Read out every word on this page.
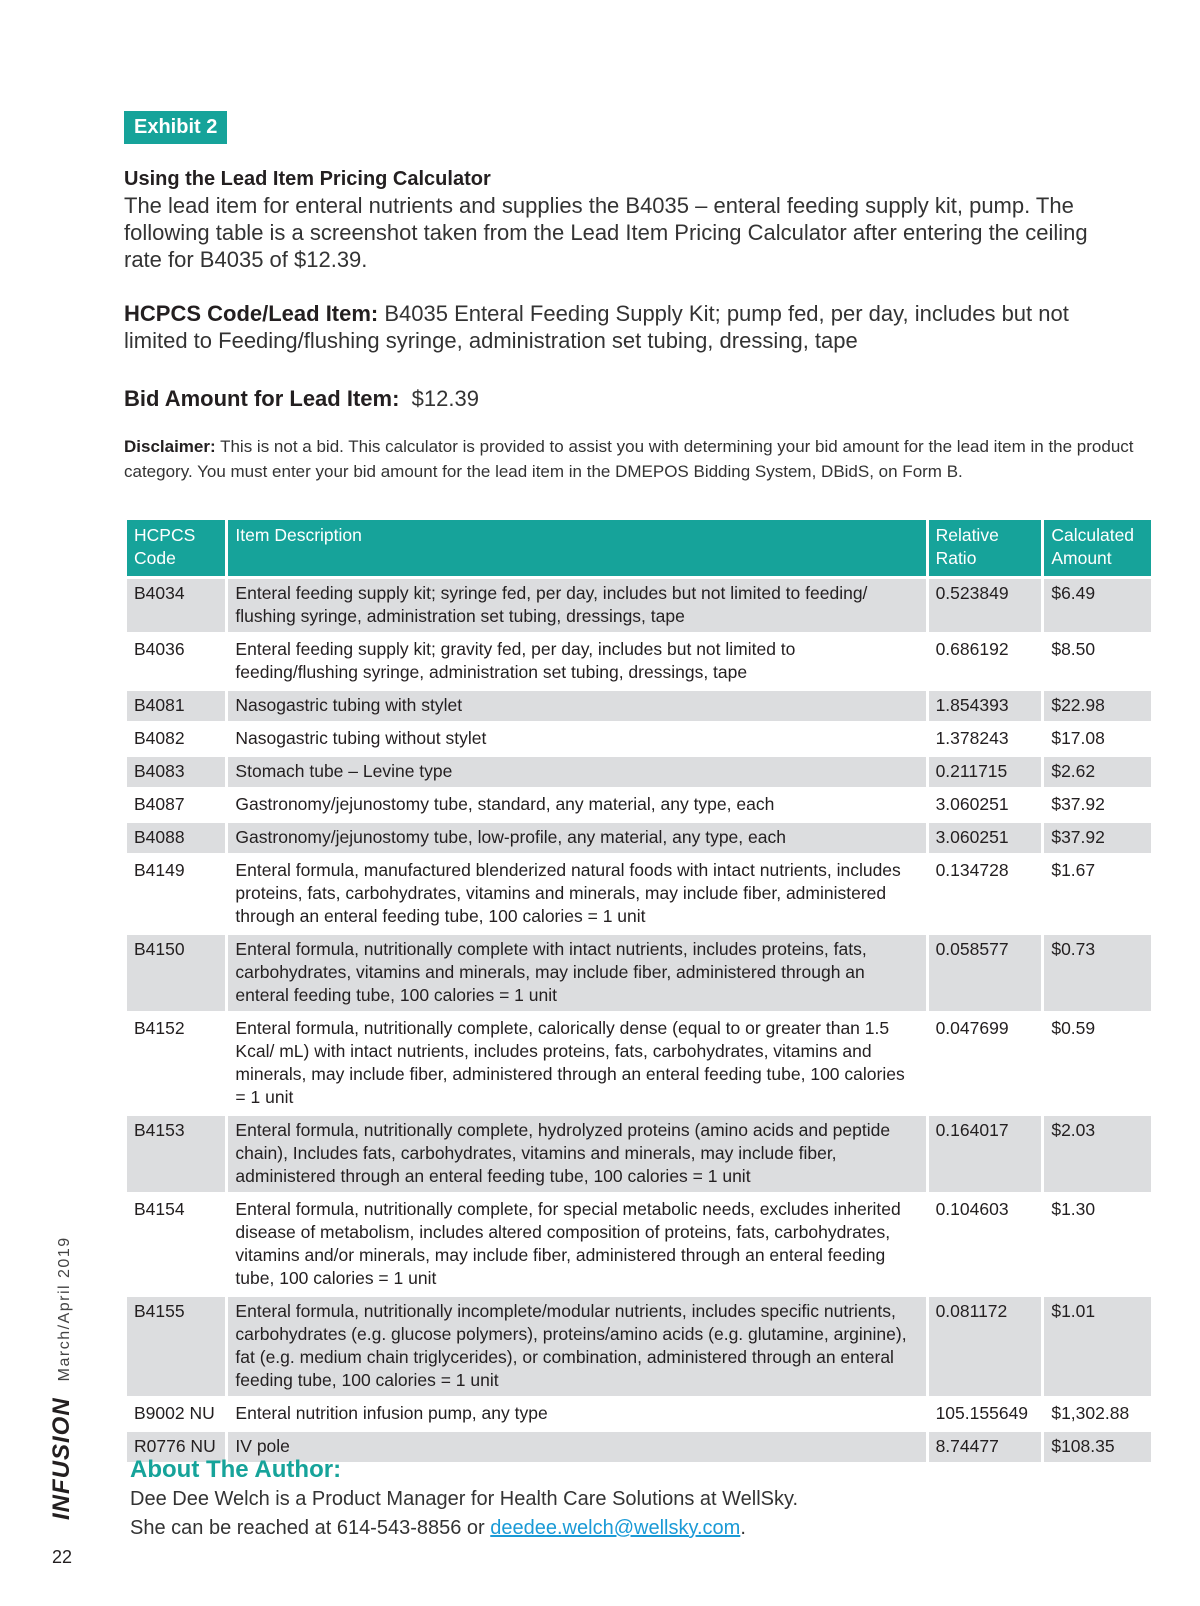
Exhibit 2
Using the Lead Item Pricing Calculator
The lead item for enteral nutrients and supplies the B4035 – enteral feeding supply kit, pump. The following table is a screenshot taken from the Lead Item Pricing Calculator after entering the ceiling rate for B4035 of $12.39.
HCPCS Code/Lead Item: B4035 Enteral Feeding Supply Kit; pump fed, per day, includes but not limited to Feeding/flushing syringe, administration set tubing, dressing, tape
Bid Amount for Lead Item: $12.39
Disclaimer: This is not a bid. This calculator is provided to assist you with determining your bid amount for the lead item in the product category. You must enter your bid amount for the lead item in the DMEPOS Bidding System, DBidS, on Form B.
HCPCS Code	Item Description	Relative Ratio	Calculated Amount
B4034	Enteral feeding supply kit; syringe fed, per day, includes but not limited to feeding/ flushing syringe, administration set tubing, dressings, tape	0.523849	$6.49
B4036	Enteral feeding supply kit; gravity fed, per day, includes but not limited to feeding/flushing syringe, administration set tubing, dressings, tape	0.686192	$8.50
B4081	Nasogastric tubing with stylet	1.854393	$22.98
B4082	Nasogastric tubing without stylet	1.378243	$17.08
B4083	Stomach tube – Levine type	0.211715	$2.62
B4087	Gastronomy/jejunostomy tube, standard, any material, any type, each	3.060251	$37.92
B4088	Gastronomy/jejunostomy tube, low-profile, any material, any type, each	3.060251	$37.92
B4149	Enteral formula, manufactured blenderized natural foods with intact nutrients, includes proteins, fats, carbohydrates, vitamins and minerals, may include fiber, administered through an enteral feeding tube, 100 calories = 1 unit	0.134728	$1.67
B4150	Enteral formula, nutritionally complete with intact nutrients, includes proteins, fats, carbohydrates, vitamins and minerals, may include fiber, administered through an enteral feeding tube, 100 calories = 1 unit	0.058577	$0.73
B4152	Enteral formula, nutritionally complete, calorically dense (equal to or greater than 1.5 Kcal/ mL) with intact nutrients, includes proteins, fats, carbohydrates, vitamins and minerals, may include fiber, administered through an enteral feeding tube, 100 calories = 1 unit	0.047699	$0.59
B4153	Enteral formula, nutritionally complete, hydrolyzed proteins (amino acids and peptide chain), Includes fats, carbohydrates, vitamins and minerals, may include fiber, administered through an enteral feeding tube, 100 calories = 1 unit	0.164017	$2.03
B4154	Enteral formula, nutritionally complete, for special metabolic needs, excludes inherited disease of metabolism, includes altered composition of proteins, fats, carbohydrates, vitamins and/or minerals, may include fiber, administered through an enteral feeding tube, 100 calories = 1 unit	0.104603	$1.30
B4155	Enteral formula, nutritionally incomplete/modular nutrients, includes specific nutrients, carbohydrates (e.g. glucose polymers), proteins/amino acids (e.g. glutamine, arginine), fat (e.g. medium chain triglycerides), or combination, administered through an enteral feeding tube, 100 calories = 1 unit	0.081172	$1.01
B9002 NU	Enteral nutrition infusion pump, any type	105.155649	$1,302.88
R0776 NU	IV pole	8.74477	$108.35
About The Author:
Dee Dee Welch is a Product Manager for Health Care Solutions at WellSky.
She can be reached at 614-543-8856 or deedee.welch@wellsky.com.
INFUSIONMarch/April 2019
22
